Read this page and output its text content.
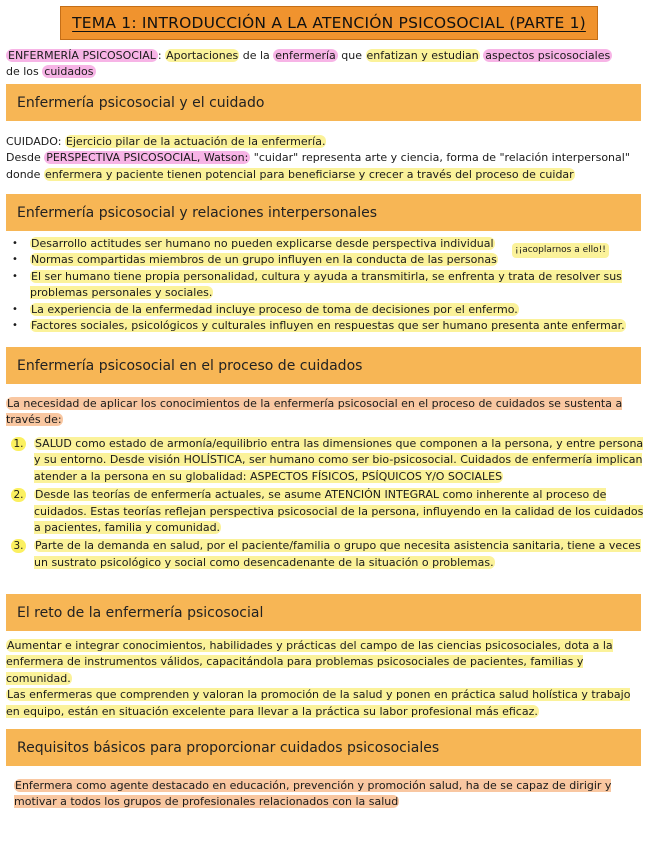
TEMA 1: INTRODUCCIÓN A LA ATENCIÓN PSICOSOCIAL (PARTE 1)
ENFERMERÍA PSICOSOCIAL : Aportaciones de la enfermería que enfatizan y estudian aspectos psicosociales
de los cuidados
Enfermería psicosocial y el cuidado
CUIDADO: Ejercicio pilar de la actuación de la enfermería.
Desde PERSPECTIVA PSICOSOCIAL, Watson: "cuidar" representa arte y ciencia, forma de "relación interpersonal"
donde enfermera y paciente tienen potencial para beneficiarse y crecer a través del proceso de cuidar
Enfermería psicosocial y relaciones interpersonales
¡¡acoplarnos a ello!!
• Desarrollo actitudes ser humano no pueden explicarse desde perspectiva individual
• Normas compartidas miembros de un grupo influyen en la conducta de las personas
• El ser humano tiene propia personalidad, cultura y ayuda a transmitirla, se enfrenta y trata de resolver sus problemas personales y sociales.
• La experiencia de la enfermedad incluye proceso de toma de decisiones por el enfermo.
• Factores sociales, psicológicos y culturales influyen en respuestas que ser humano presenta ante enfermar.
Enfermería psicosocial en el proceso de cuidados
La necesidad de aplicar los conocimientos de la enfermería psicosocial en el proceso de cuidados se sustenta a través de:
1. SALUD como estado de armonía/equilibrio entra las dimensiones que componen a la persona, y entre persona y su entorno. Desde visión HOLÍSTICA, ser humano como ser bio-psicosocial. Cuidados de enfermería implican atender a la persona en su globalidad: ASPECTOS FÍSICOS, PSÍQUICOS Y/O SOCIALES
2. Desde las teorías de enfermería actuales, se asume ATENCIÓN INTEGRAL como inherente al proceso de cuidados. Estas teorías reflejan perspectiva psicosocial de la persona, influyendo en la calidad de los cuidados a pacientes, familia y comunidad.
3. Parte de la demanda en salud, por el paciente/familia o grupo que necesita asistencia sanitaria, tiene a veces un sustrato psicológico y social como desencadenante de la situación o problemas.
El reto de la enfermería psicosocial
Aumentar e integrar conocimientos, habilidades y prácticas del campo de las ciencias psicosociales, dota a la enfermera de instrumentos válidos, capacitándola para problemas psicosociales de pacientes, familias y comunidad.
Las enfermeras que comprenden y valoran la promoción de la salud y ponen en práctica salud holística y trabajo en equipo, están en situación excelente para llevar a la práctica su labor profesional más eficaz.
Requisitos básicos para proporcionar cuidados psicosociales
Enfermera como agente destacado en educación, prevención y promoción salud, ha de se capaz de dirigir y motivar a todos los grupos de profesionales relacionados con la salud
